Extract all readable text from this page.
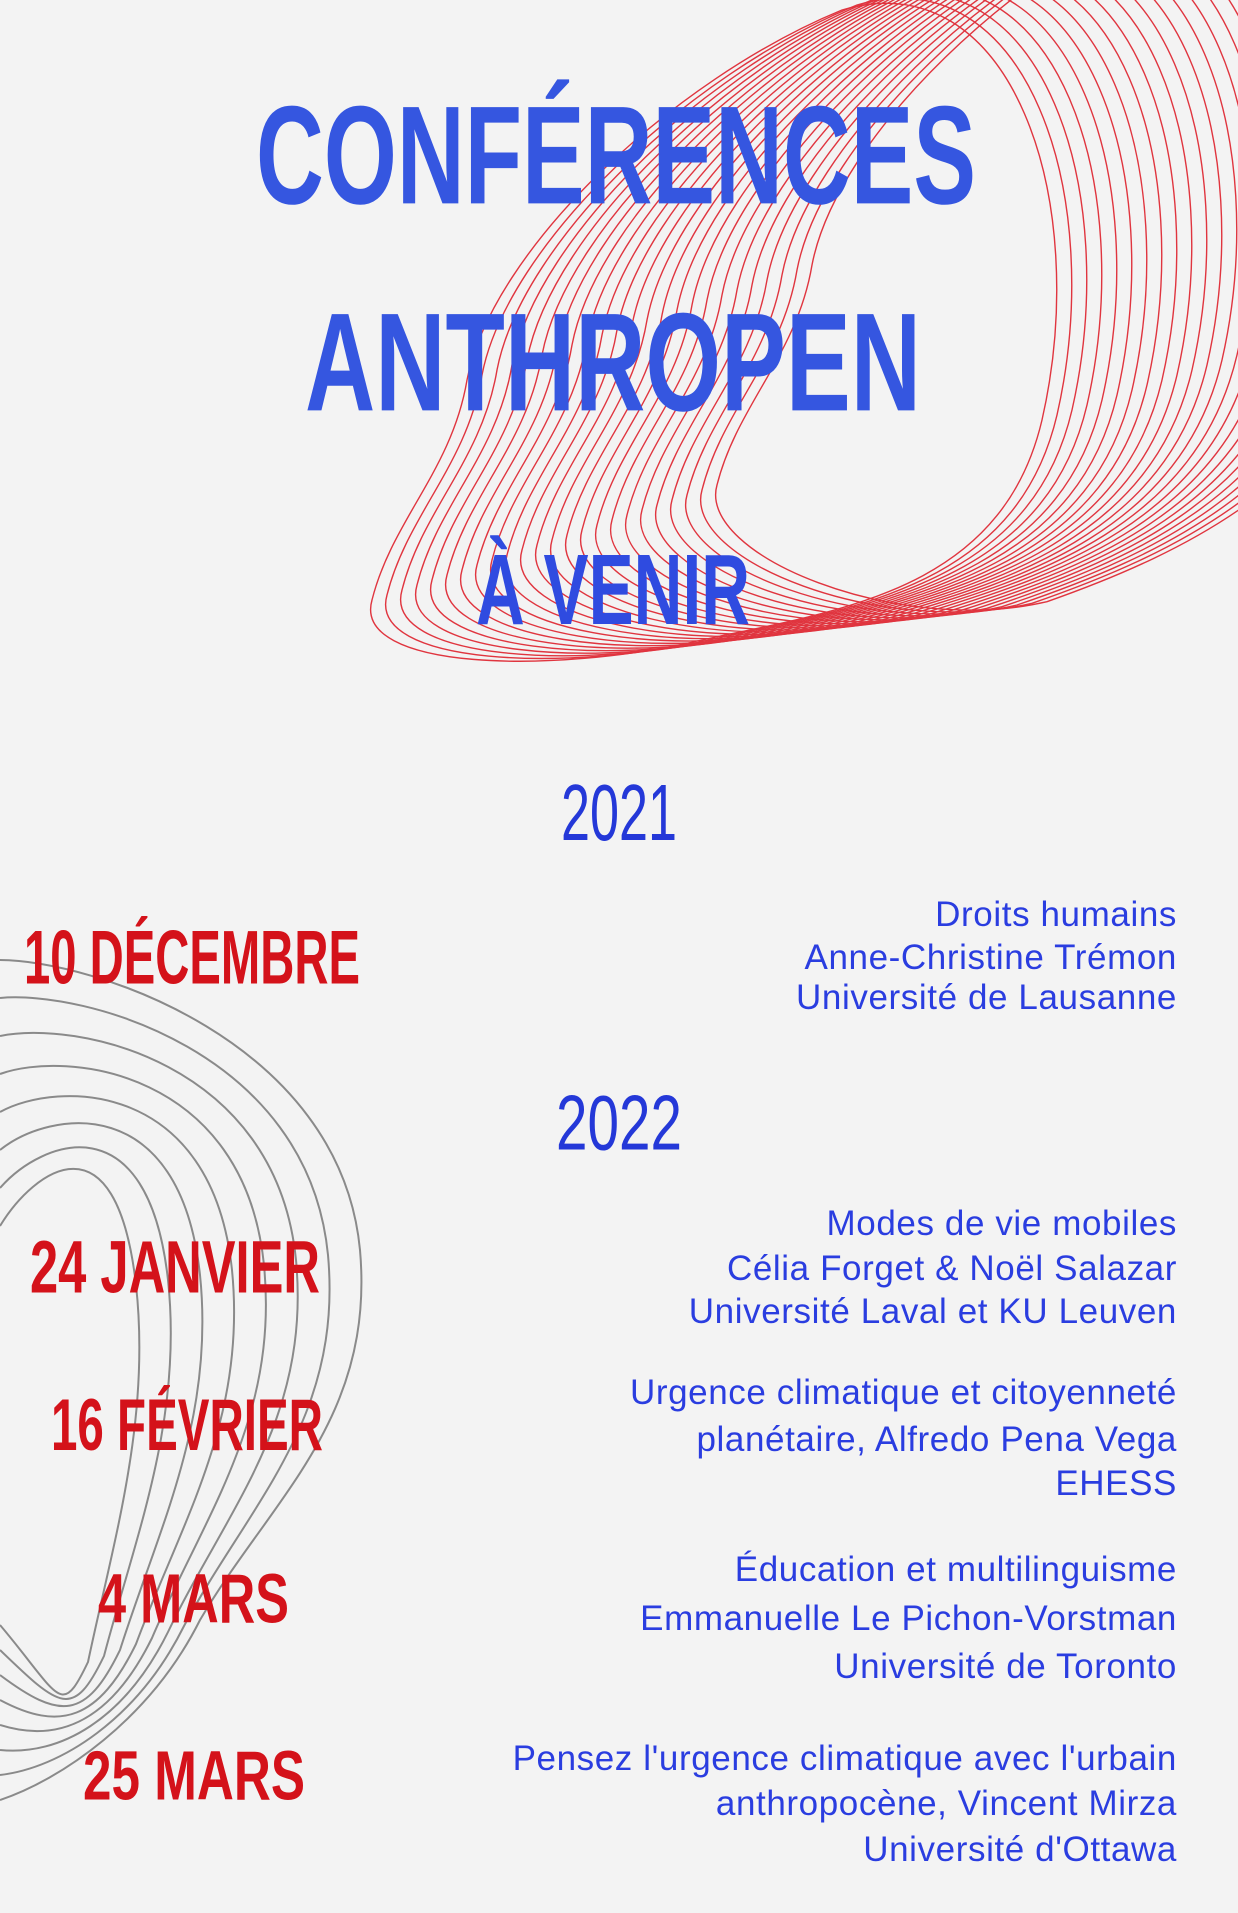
CONFÉRENCES
ANTHROPEN
À VENIR
2021
2022
10 DÉCEMBRE
24 JANVIER
16 FÉVRIER
4 MARS
25 MARS
Droits humains
Anne-Christine Trémon
Université de Lausanne
Modes de vie mobiles
Célia Forget & Noël Salazar
Université Laval et KU Leuven
Urgence climatique et citoyenneté
planétaire, Alfredo Pena Vega
EHESS
Éducation et multilinguisme
Emmanuelle Le Pichon-Vorstman
Université de Toronto
Pensez l'urgence climatique avec l'urbain
anthropocène, Vincent Mirza
Université d'Ottawa
